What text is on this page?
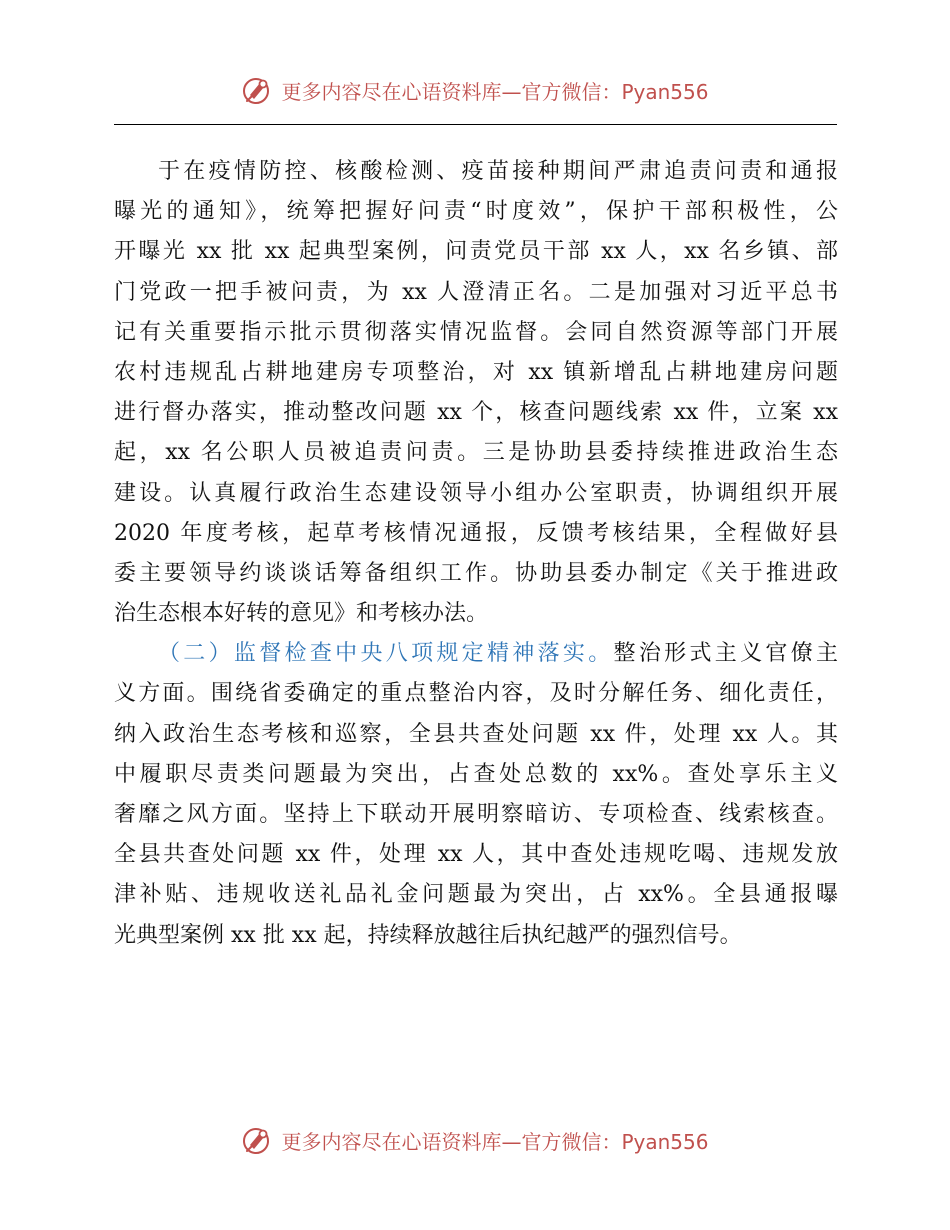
更多内容尽在心语资料库—官方微信：Pyan556
于在疫情防控、核酸检测、疫苗接种期间严肃追责问责和通报
曝光的通知》，统筹把握好问责“时度效”，保护干部积极性，公
开曝光 xx 批 xx 起典型案例，问责党员干部 xx 人，xx 名乡镇、部
门党政一把手被问责，为 xx 人澄清正名。二是加强对习近平总书
记有关重要指示批示贯彻落实情况监督。会同自然资源等部门开展
农村违规乱占耕地建房专项整治，对 xx 镇新增乱占耕地建房问题
进行督办落实，推动整改问题 xx 个，核查问题线索 xx 件，立案 xx
起，xx 名公职人员被追责问责。三是协助县委持续推进政治生态
建设。认真履行政治生态建设领导小组办公室职责，协调组织开展
2020 年度考核，起草考核情况通报，反馈考核结果，全程做好县
委主要领导约谈谈话筹备组织工作。协助县委办制定《关于推进政
治生态根本好转的意见》和考核办法。
（二）监督检查中央八项规定精神落实。整治形式主义官僚主
义方面。围绕省委确定的重点整治内容，及时分解任务、细化责任，
纳入政治生态考核和巡察，全县共查处问题 xx 件，处理 xx 人。其
中履职尽责类问题最为突出，占查处总数的 xx%。查处享乐主义
奢靡之风方面。坚持上下联动开展明察暗访、专项检查、线索核查。
全县共查处问题 xx 件，处理 xx 人，其中查处违规吃喝、违规发放
津补贴、违规收送礼品礼金问题最为突出，占 xx%。全县通报曝
光典型案例 xx 批 xx 起，持续释放越往后执纪越严的强烈信号。
更多内容尽在心语资料库—官方微信：Pyan556
